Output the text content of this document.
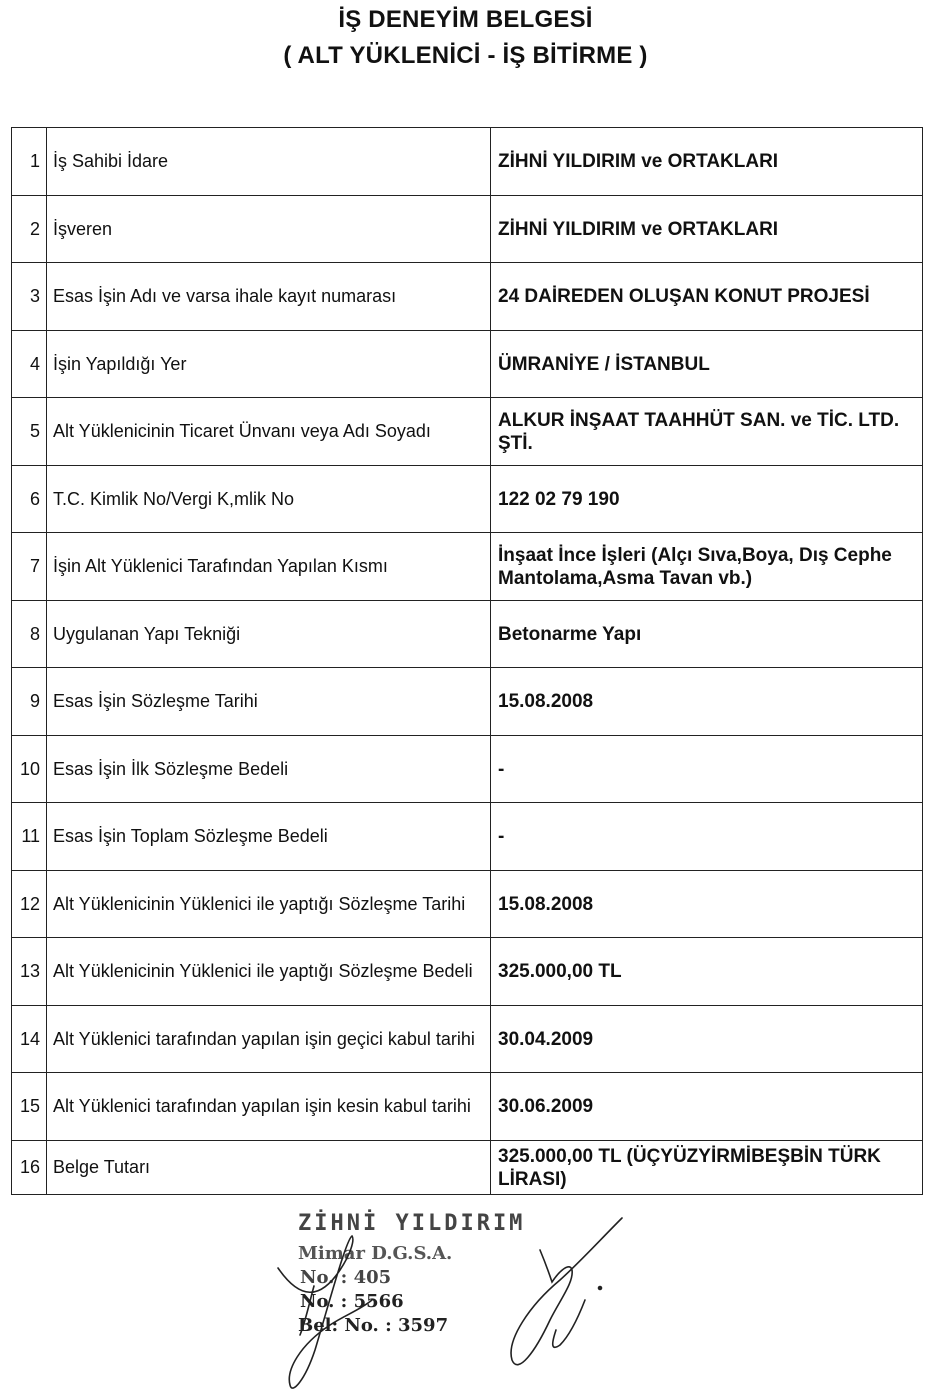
İŞ DENEYİM BELGESİ
( ALT YÜKLENİCİ - İŞ BİTİRME )
1	İş Sahibi İdare	ZİHNİ YILDIRIM ve ORTAKLARI
2	İşveren	ZİHNİ YILDIRIM ve ORTAKLARI
3	Esas İşin Adı ve varsa ihale kayıt numarası	24 DAİREDEN OLUŞAN KONUT PROJESİ
4	İşin Yapıldığı Yer	ÜMRANİYE / İSTANBUL
5	Alt Yüklenicinin Ticaret Ünvanı veya Adı Soyadı	ALKUR İNŞAAT TAAHHÜT SAN. ve TİC. LTD. ŞTİ.
6	T.C. Kimlik No/Vergi K,mlik No	122 02 79 190
7	İşin Alt Yüklenici Tarafından Yapılan Kısmı	İnşaat İnce İşleri (Alçı Sıva,Boya, Dış Cephe Mantolama,Asma Tavan vb.)
8	Uygulanan Yapı Tekniği	Betonarme Yapı
9	Esas İşin Sözleşme Tarihi	15.08.2008
10	Esas İşin İlk Sözleşme Bedeli	-
11	Esas İşin Toplam Sözleşme Bedeli	-
12	Alt Yüklenicinin Yüklenici ile yaptığı Sözleşme Tarihi	15.08.2008
13	Alt Yüklenicinin Yüklenici ile yaptığı Sözleşme Bedeli	325.000,00 TL
14	Alt Yüklenici tarafından yapılan işin geçici kabul tarihi	30.04.2009
15	Alt Yüklenici tarafından yapılan işin kesin kabul tarihi	30.06.2009
16	Belge Tutarı	325.000,00 TL (ÜÇYÜZYİRMİBEŞBİN TÜRK LİRASI)
ZİHNİ YILDIRIM
Mimar D.G.S.A.
No. : 405
No. : 5566
Bel: No. : 3597
